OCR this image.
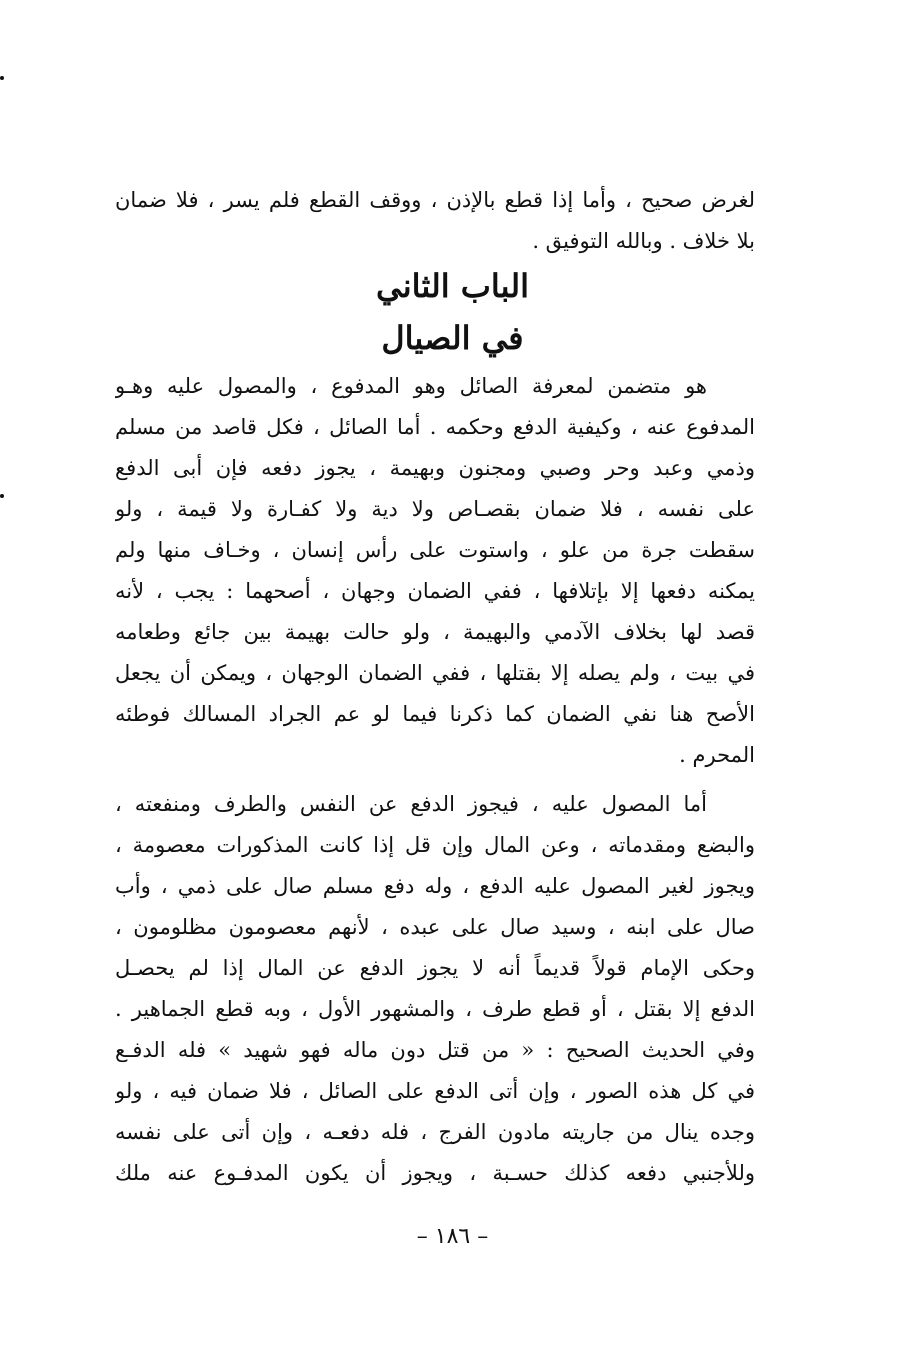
لغرض صحيح ، وأما إذا قطع بالإذن ، ووقف القطع فلم يسر ، فلا ضمان
بلا خلاف . وبالله التوفيق .
الباب الثاني
في الصيال
هو متضمن لمعرفة الصائل وهو المدفوع ، والمصول عليه وهـو
المدفوع عنه ، وكيفية الدفع وحكمه . أما الصائل ، فكل قاصد من مسلم
وذمي وعبد وحر وصبي ومجنون وبهيمة ، يجوز دفعه فإن أبى الدفع
على نفسه ، فلا ضمان بقصـاص ولا دية ولا كفـارة ولا قيمة ، ولو
سقطت جرة من علو ، واستوت على رأس إنسان ، وخـاف منها ولم
يمكنه دفعها إلا بإتلافها ، ففي الضمان وجهان ، أصحهما : يجب ، لأنه
قصد لها بخلاف الآدمي والبهيمة ، ولو حالت بهيمة بين جائع وطعامه
في بيت ، ولم يصله إلا بقتلها ، ففي الضمان الوجهان ، ويمكن أن يجعل
الأصح هنا نفي الضمان كما ذكرنا فيما لو عم الجراد المسالك فوطئه
المحرم .
أما المصول عليه ، فيجوز الدفع عن النفس والطرف ومنفعته ،
والبضع ومقدماته ، وعن المال وإن قل إذا كانت المذكورات معصومة ،
ويجوز لغير المصول عليه الدفع ، وله دفع مسلم صال على ذمي ، وأب
صال على ابنه ، وسيد صال على عبده ، لأنهم معصومون مظلومون ،
وحكى الإمام قولاً قديماً أنه لا يجوز الدفع عن المال إذا لم يحصـل
الدفع إلا بقتل ، أو قطع طرف ، والمشهور الأول ، وبه قطع الجماهير .
وفي الحديث الصحيح : « من قتل دون ماله فهو شهيد » فله الدفـع
في كل هذه الصور ، وإن أتى الدفع على الصائل ، فلا ضمان فيه ، ولو
وجده ينال من جاريته مادون الفرج ، فله دفعـه ، وإن أتى على نفسه
وللأجنبي دفعه كذلك حسـبة ، ويجوز أن يكون المدفـوع عنه ملك
– ١٨٦ –
